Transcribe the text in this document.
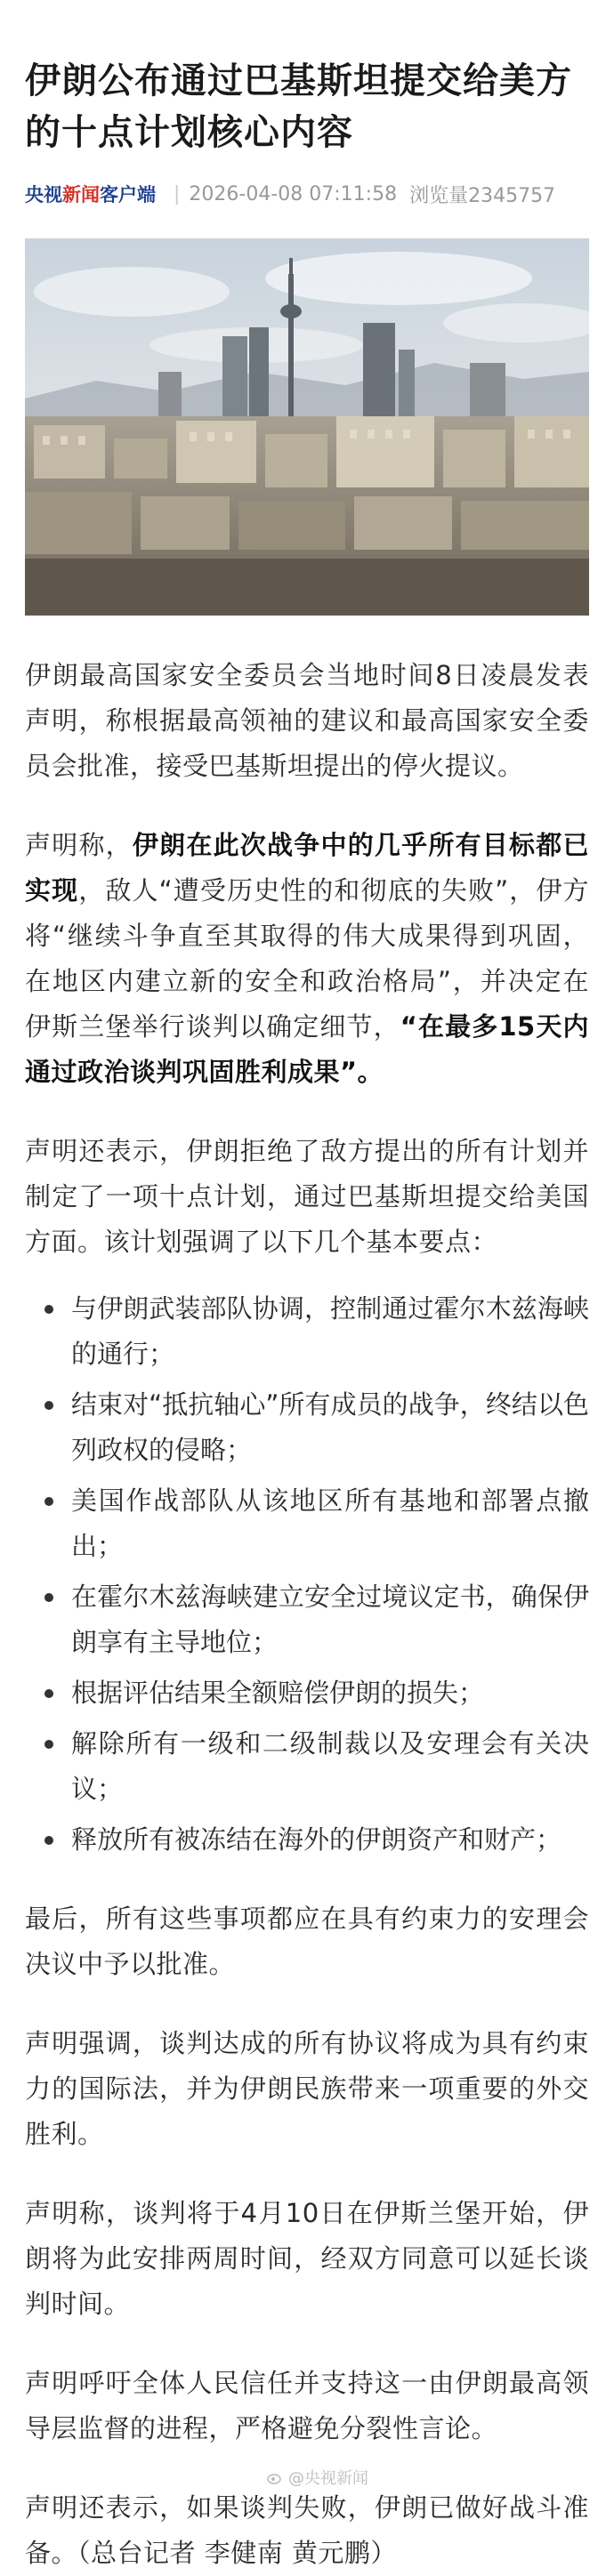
伊朗公布通过巴基斯坦提交给美方的十点计划核心内容
央视新闻客户端 | 2026-04-08 07:11:58 浏览量2345757

伊朗最高国家安全委员会当地时间8日凌晨发表声明，称根据最高领袖的建议和最高国家安全委员会批准，接受巴基斯坦提出的停火提议。

声明称，伊朗在此次战争中的几乎所有目标都已实现，敌人“遭受历史性的和彻底的失败”，伊方将“继续斗争直至其取得的伟大成果得到巩固，在地区内建立新的安全和政治格局”，并决定在伊斯兰堡举行谈判以确定细节，“在最多15天内通过政治谈判巩固胜利成果”。

声明还表示，伊朗拒绝了敌方提出的所有计划并制定了一项十点计划，通过巴基斯坦提交给美国方面。该计划强调了以下几个基本要点：

与伊朗武装部队协调，控制通过霍尔木兹海峡的通行；
结束对“抵抗轴心”所有成员的战争，终结以色列政权的侵略；
美国作战部队从该地区所有基地和部署点撤出；
在霍尔木兹海峡建立安全过境议定书，确保伊朗享有主导地位；
根据评估结果全额赔偿伊朗的损失；
解除所有一级和二级制裁以及安理会有关决议；
释放所有被冻结在海外的伊朗资产和财产；

最后，所有这些事项都应在具有约束力的安理会决议中予以批准。

声明强调，谈判达成的所有协议将成为具有约束力的国际法，并为伊朗民族带来一项重要的外交胜利。

声明称，谈判将于4月10日在伊斯兰堡开始，伊朗将为此安排两周时间，经双方同意可以延长谈判时间。

声明呼吁全体人民信任并支持这一由伊朗最高领导层监督的进程，严格避免分裂性言论。

声明还表示，如果谈判失败，伊朗已做好战斗准备。（总台记者 李健南 黄元鹏）

@央视新闻
